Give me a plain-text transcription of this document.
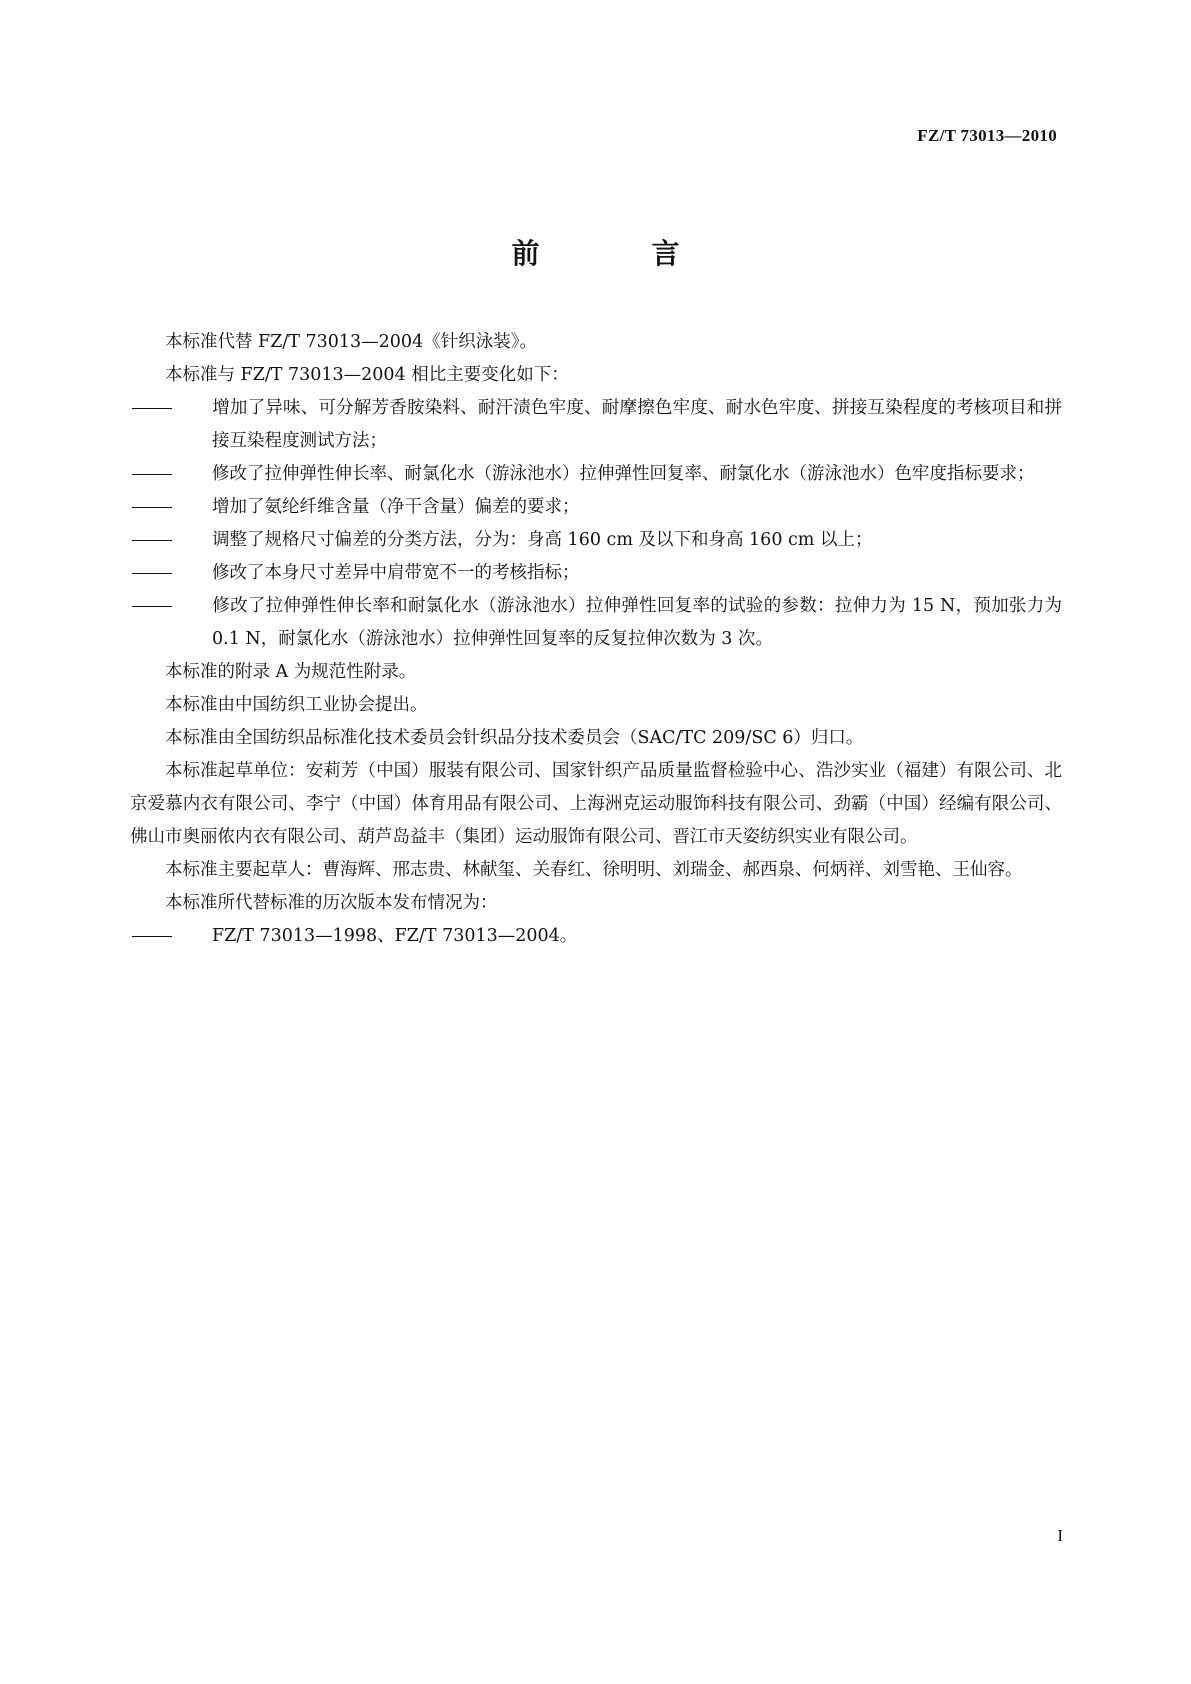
FZ/T 73013—2010
前　言

本标准代替 FZ/T 73013—2004《针织泳装》。

本标准与 FZ/T 73013—2004 相比主要变化如下：

增加了异味、可分解芳香胺染料、耐汗渍色牢度、耐摩擦色牢度、耐水色牢度、拼接互染程度的考核项目和拼接互染程度测试方法；

修改了拉伸弹性伸长率、耐氯化水（游泳池水）拉伸弹性回复率、耐氯化水（游泳池水）色牢度指标要求；

增加了氨纶纤维含量（净干含量）偏差的要求；

调整了规格尺寸偏差的分类方法，分为：身高 160 cm 及以下和身高 160 cm 以上；

修改了本身尺寸差异中肩带宽不一的考核指标；

修改了拉伸弹性伸长率和耐氯化水（游泳池水）拉伸弹性回复率的试验的参数：拉伸力为 15 N，预加张力为 0.1 N，耐氯化水（游泳池水）拉伸弹性回复率的反复拉伸次数为 3 次。

本标准的附录 A 为规范性附录。

本标准由中国纺织工业协会提出。

本标准由全国纺织品标准化技术委员会针织品分技术委员会（SAC/TC 209/SC 6）归口。

本标准起草单位：安莉芳（中国）服装有限公司、国家针织产品质量监督检验中心、浩沙实业（福建）有限公司、北京爱慕内衣有限公司、李宁（中国）体育用品有限公司、上海洲克运动服饰科技有限公司、劲霸（中国）经编有限公司、佛山市奥丽侬内衣有限公司、葫芦岛益丰（集团）运动服饰有限公司、晋江市天姿纺织实业有限公司。

本标准主要起草人：曹海辉、邢志贵、林献玺、关春红、徐明明、刘瑞金、郝西泉、何炳祥、刘雪艳、王仙容。

本标准所代替标准的历次版本发布情况为：

FZ/T 73013—1998、FZ/T 73013—2004。

I
